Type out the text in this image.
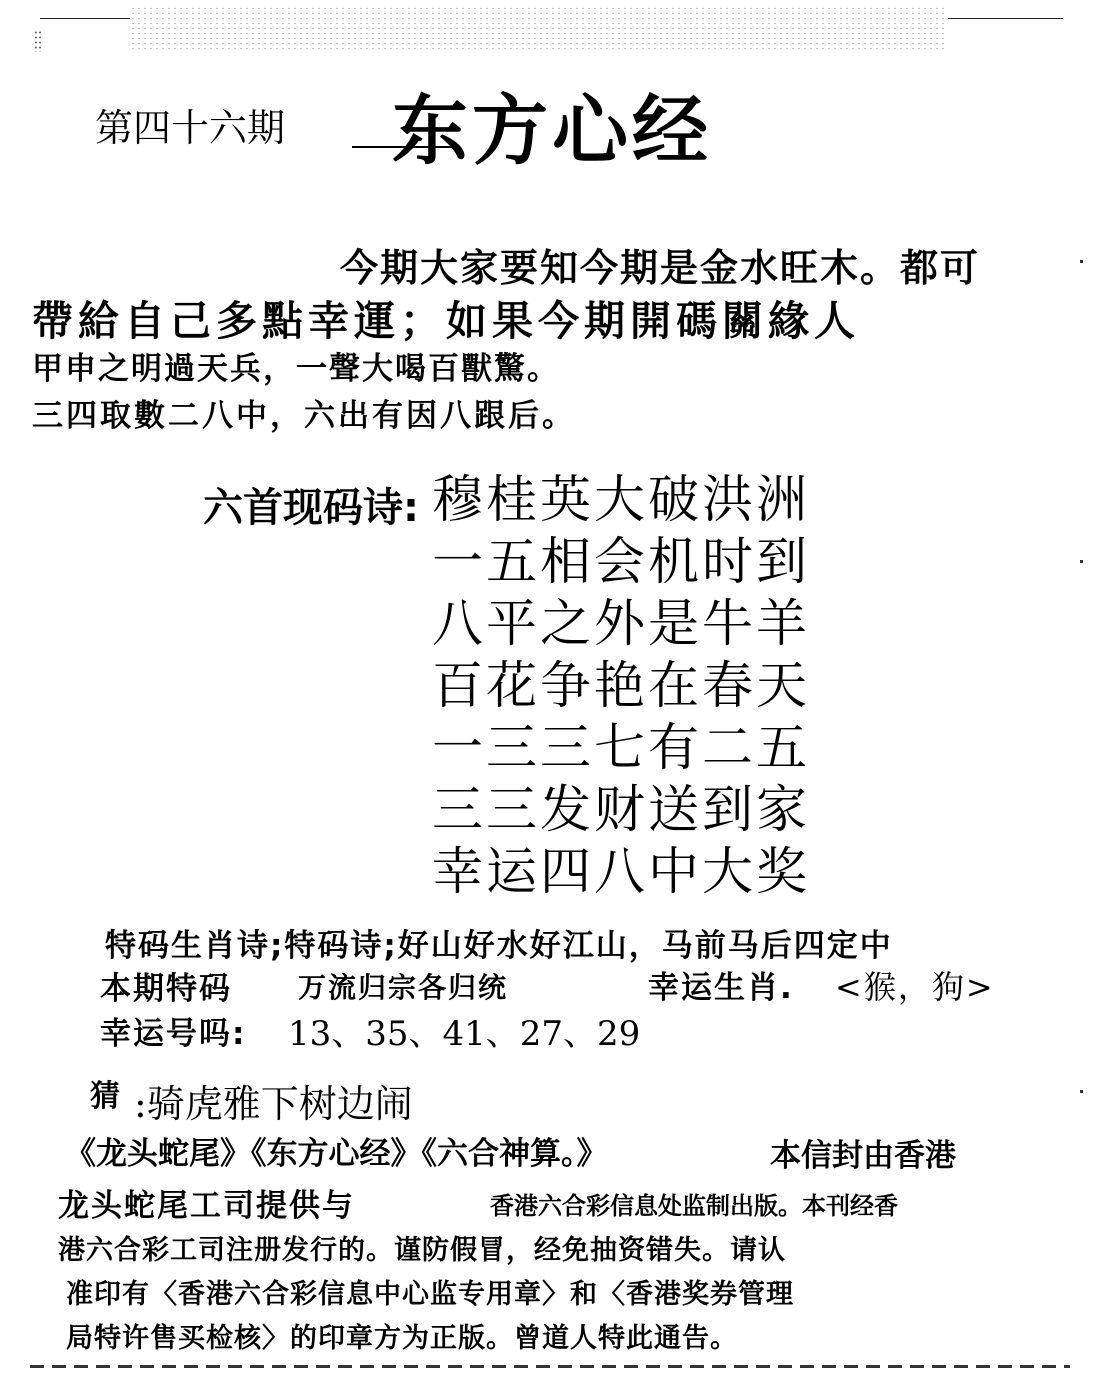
第四十六期 东方心经
今期大家要知今期是金水旺木。都可
帶給自己多點幸運；如果今期開碼關緣人
甲申之明過天兵，一聲大喝百獸驚。
三四取數二八中，六出有因八跟后。
六首现码诗: 穆桂英大破洪洲
一五相会机时到
八平之外是牛羊
百花争艳在春天
一三三七有二五
三三发财送到家
幸运四八中大奖
特码生肖诗;特码诗;好山好水好江山，马前马后四定中
本期特码 万流归宗各归统	幸运生肖. <猴，狗>
幸运号吗: 13、35、41、27、29
猜 :骑虎雅下树边闹
《龙头蛇尾》《东方心经》《六合神算。》	本信封由香港
龙头蛇尾工司提供与	香港六合彩信息处监制出版。本刊经香
港六合彩工司注册发行的。谨防假冒，经免抽资错失。请认
准印有〈香港六合彩信息中心监专用章〉和〈香港奖券管理
局特许售买检核〉的印章方为正版。曾道人特此通告。
